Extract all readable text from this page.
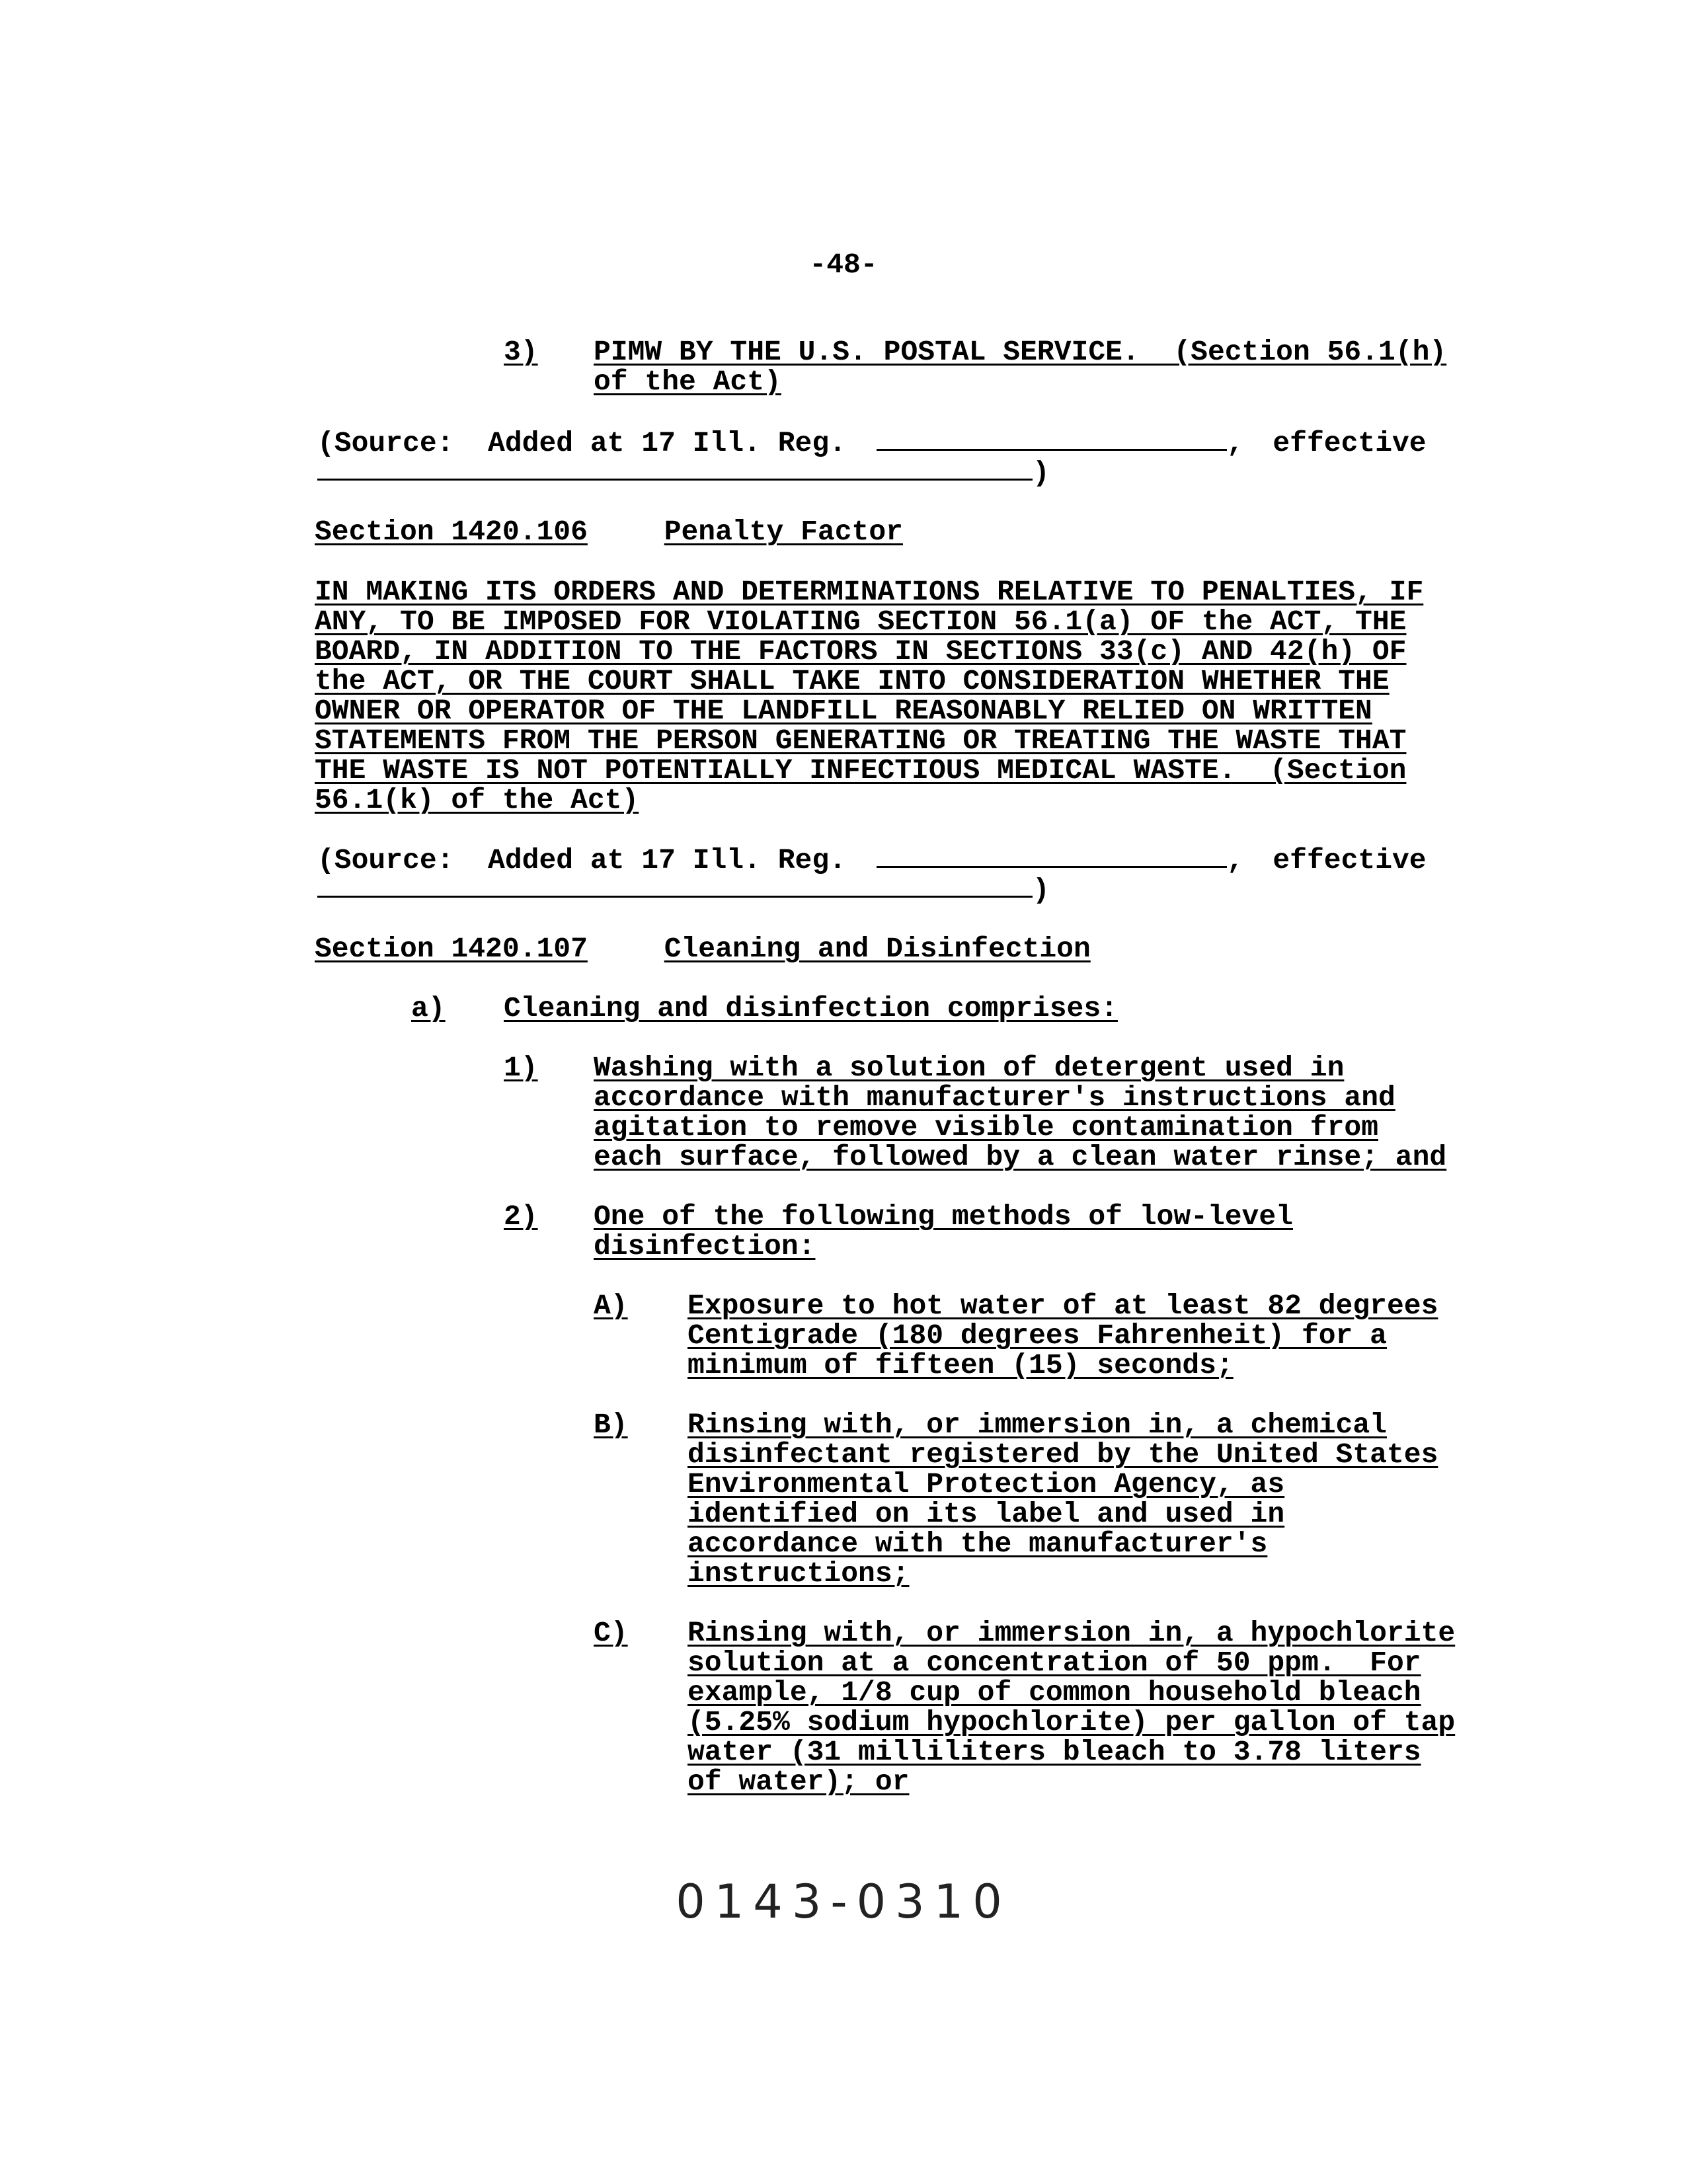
-48-
3) PIMW BY THE U.S. POSTAL SERVICE.  (Section 56.1(h)
of the Act)
(Source:  Added at 17 Ill. Reg.	, effective
)
Section 1420.106	Penalty Factor
IN MAKING ITS ORDERS AND DETERMINATIONS RELATIVE TO PENALTIES, IF
ANY, TO BE IMPOSED FOR VIOLATING SECTION 56.1(a) OF the ACT, THE
BOARD, IN ADDITION TO THE FACTORS IN SECTIONS 33(c) AND 42(h) OF
the ACT, OR THE COURT SHALL TAKE INTO CONSIDERATION WHETHER THE
OWNER OR OPERATOR OF THE LANDFILL REASONABLY RELIED ON WRITTEN
STATEMENTS FROM THE PERSON GENERATING OR TREATING THE WASTE THAT
THE WASTE IS NOT POTENTIALLY INFECTIOUS MEDICAL WASTE.  (Section
56.1(k) of the Act)
(Source:  Added at 17 Ill. Reg.	, effective
)
Section 1420.107	Cleaning and Disinfection
a) Cleaning and disinfection comprises:
1) Washing with a solution of detergent used in
accordance with manufacturer's instructions and
agitation to remove visible contamination from
each surface, followed by a clean water rinse; and
2) One of the following methods of low-level
disinfection:
A) Exposure to hot water of at least 82 degrees
Centigrade (180 degrees Fahrenheit) for a
minimum of fifteen (15) seconds;
B) Rinsing with, or immersion in, a chemical
disinfectant registered by the United States
Environmental Protection Agency, as
identified on its label and used in
accordance with the manufacturer's
instructions;
C) Rinsing with, or immersion in, a hypochlorite
solution at a concentration of 50 ppm.  For
example, 1/8 cup of common household bleach
(5.25% sodium hypochlorite) per gallon of tap
water (31 milliliters bleach to 3.78 liters
of water); or
0143-0310
